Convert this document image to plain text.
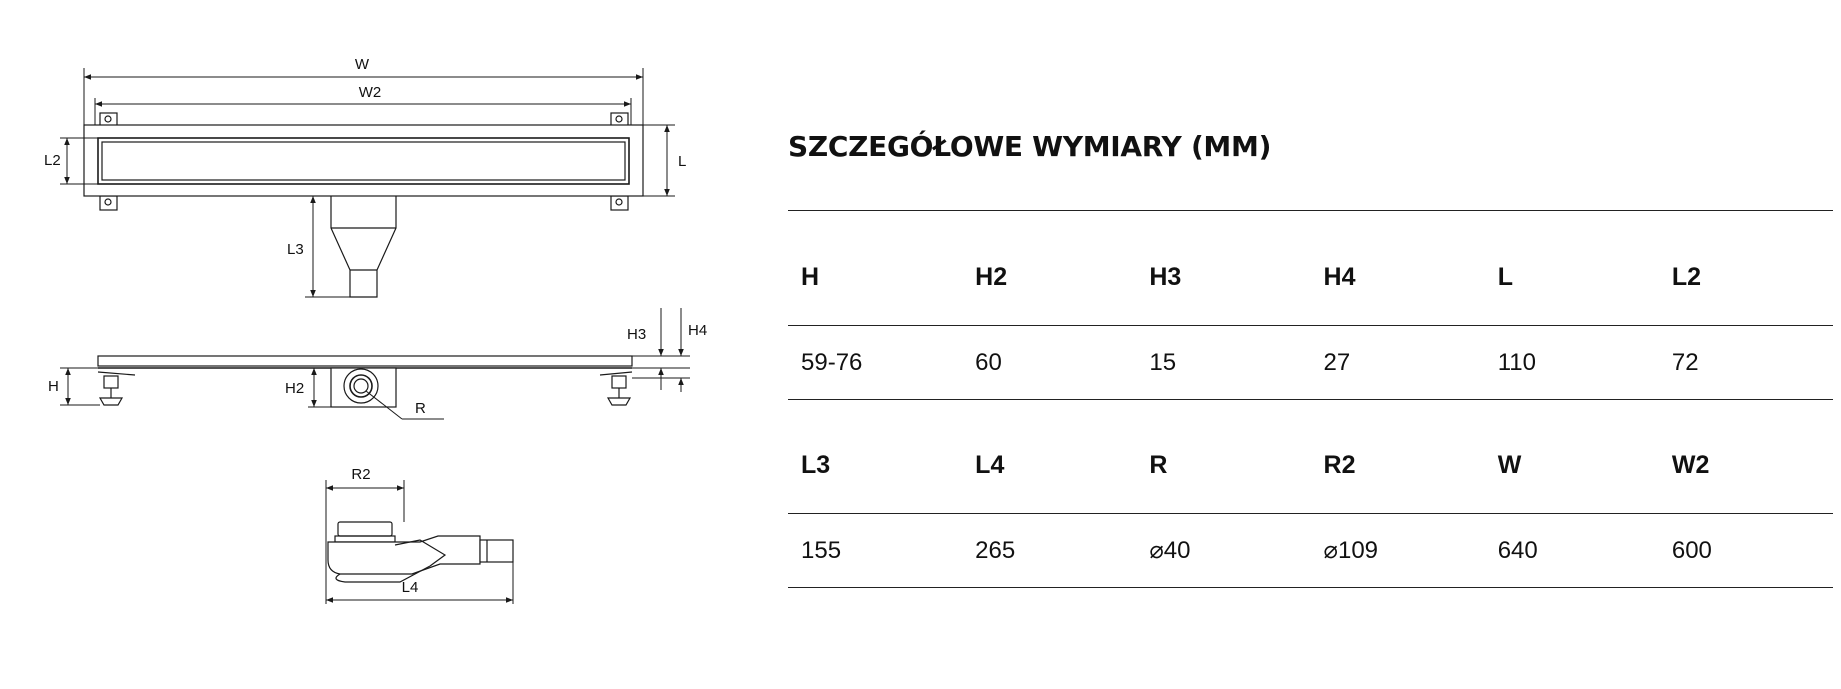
W
W2
L
L2
L3
R
H	H2
H3	H4
R2
L4
SZCZEGÓŁOWE WYMIARY (MM)
H	H2	H3	H4	L	L2
59-76	60	15	27	110	72
L3	L4	R	R2	W	W2
155	265	⌀40	⌀109	640	600
